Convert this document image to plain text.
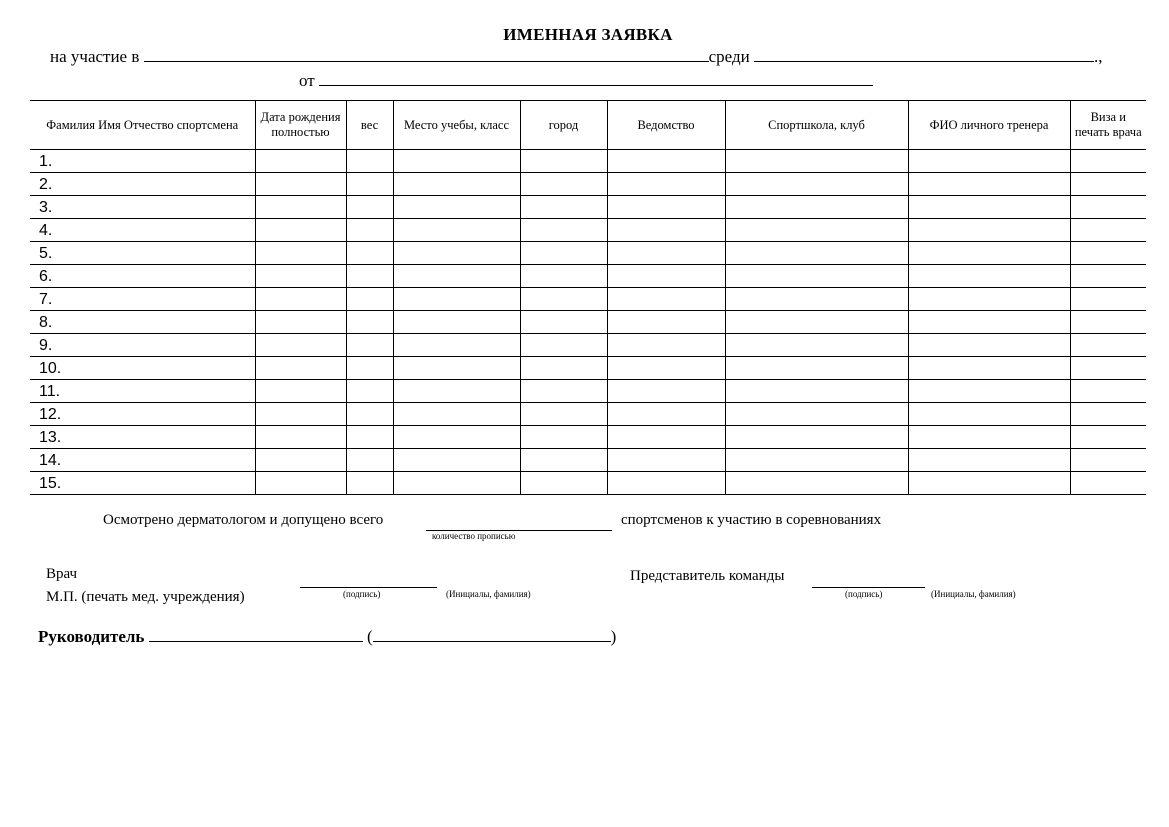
ИМЕННАЯ ЗАЯВКА
на участие в	среди	.,
от
Фамилия Имя Отчество спортсмена	Дата рождения полностью	вес	Место учебы, класс	город	Ведомство	Спортшкола, клуб	ФИО личного тренера	Виза и печать врача
1.								
2.								
3.								
4.								
5.								
6.								
7.								
8.								
9.								
10.								
11.								
12.								
13.								
14.								
15.								
Осмотрено дерматологом и допущено всего
количество прописью
спортсменов к участию в соревнованиях
Врач
М.П. (печать мед. учреждения)	(подпись)	(Инициалы, фамилия)
Представитель команды
(подпись)	(Инициалы, фамилия)
Руководитель	(	)
